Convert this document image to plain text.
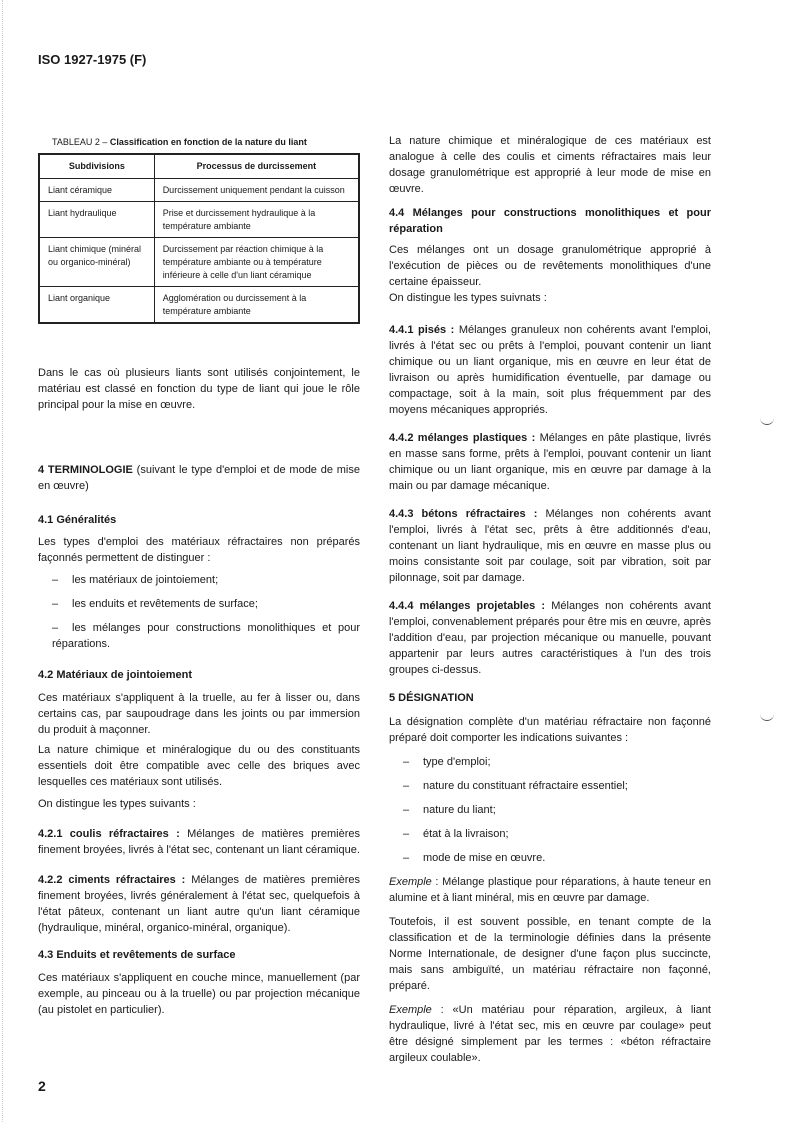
ISO 1927-1975 (F)
TABLEAU 2 – Classification en fonction de la nature du liant
Subdivisions	Processus de durcissement
Liant céramique	Durcissement uniquement pendant la cuisson
Liant hydraulique	Prise et durcissement hydraulique à la température ambiante
Liant chimique (minéral ou organico-minéral)	Durcissement par réaction chimique à la température ambiante ou à température inférieure à celle d'un liant céramique
Liant organique	Agglomération ou durcissement à la température ambiante
Dans le cas où plusieurs liants sont utilisés conjointement, le matériau est classé en fonction du type de liant qui joue le rôle principal pour la mise en œuvre.
4 TERMINOLOGIE (suivant le type d'emploi et de mode de mise en œuvre)
4.1 Généralités
Les types d'emploi des matériaux réfractaires non préparés façonnés permettent de distinguer :
– les matériaux de jointoiement;
– les enduits et revêtements de surface;
– les mélanges pour constructions monolithiques et pour réparations.
4.2 Matériaux de jointoiement
Ces matériaux s'appliquent à la truelle, au fer à lisser ou, dans certains cas, par saupoudrage dans les joints ou par immersion du produit à maçonner.
La nature chimique et minéralogique du ou des constituants essentiels doit être compatible avec celle des briques avec lesquelles ces matériaux sont utilisés.
On distingue les types suivants :
4.2.1 coulis réfractaires : Mélanges de matières premières finement broyées, livrés à l'état sec, contenant un liant céramique.
4.2.2 ciments réfractaires : Mélanges de matières premières finement broyées, livrés généralement à l'état sec, quelquefois à l'état pâteux, contenant un liant autre qu'un liant céramique (hydraulique, minéral, organico-minéral, organique).
4.3 Enduits et revêtements de surface
Ces matériaux s'appliquent en couche mince, manuellement (par exemple, au pinceau ou à la truelle) ou par projection mécanique (au pistolet en particulier).
La nature chimique et minéralogique de ces matériaux est analogue à celle des coulis et ciments réfractaires mais leur dosage granulométrique est approprié à leur mode de mise en œuvre.
4.4 Mélanges pour constructions monolithiques et pour réparation
Ces mélanges ont un dosage granulométrique approprié à l'exécution de pièces ou de revêtements monolithiques d'une certaine épaisseur.
On distingue les types suivnats :
4.4.1 pisés : Mélanges granuleux non cohérents avant l'emploi, livrés à l'état sec ou prêts à l'emploi, pouvant contenir un liant chimique ou un liant organique, mis en œuvre en leur état de livraison ou après humidification éventuelle, par damage ou compactage, soit à la main, soit plus fréquemment par des moyens mécaniques appropriés.
4.4.2 mélanges plastiques : Mélanges en pâte plastique, livrés en masse sans forme, prêts à l'emploi, pouvant contenir un liant chimique ou un liant organique, mis en œuvre par damage à la main ou par damage mécanique.
4.4.3 bétons réfractaires : Mélanges non cohérents avant l'emploi, livrés à l'état sec, prêts à être additionnés d'eau, contenant un liant hydraulique, mis en œuvre en masse plus ou moins consistante soit par coulage, soit par vibration, soit par pilonnage, soit par damage.
4.4.4 mélanges projetables : Mélanges non cohérents avant l'emploi, convenablement préparés pour être mis en œuvre, après l'addition d'eau, par projection mécanique ou manuelle, pouvant appartenir par leurs autres caractéristiques à l'un des trois groupes ci-dessus.
5 DÉSIGNATION
La désignation complète d'un matériau réfractaire non façonné préparé doit comporter les indications suivantes :
– type d'emploi;
– nature du constituant réfractaire essentiel;
– nature du liant;
– état à la livraison;
– mode de mise en œuvre.
Exemple : Mélange plastique pour réparations, à haute teneur en alumine et à liant minéral, mis en œuvre par damage.
Toutefois, il est souvent possible, en tenant compte de la classification et de la terminologie définies dans la présente Norme Internationale, de designer d'une façon plus succincte, mais sans ambiguïté, un matériau réfractaire non façonné, préparé.
Exemple : «Un matériau pour réparation, argileux, à liant hydraulique, livré à l'état sec, mis en œuvre par coulage» peut être désigné simplement par les termes : «béton réfractaire argileux coulable».
2
